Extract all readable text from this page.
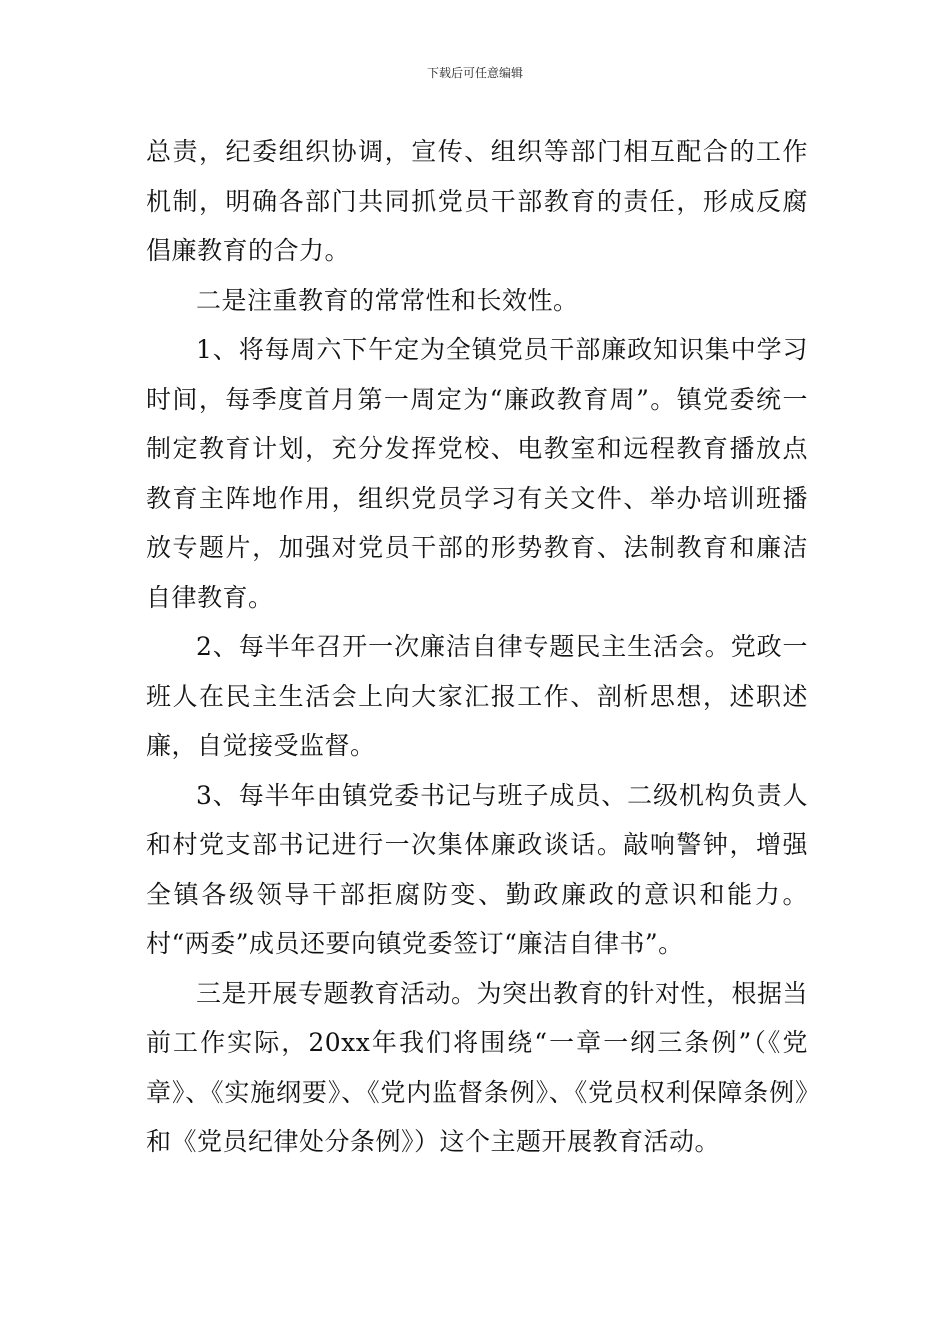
下载后可任意编辑

总责，纪委组织协调，宣传、组织等部门相互配合的工作机制，明确各部门共同抓党员干部教育的责任，形成反腐倡廉教育的合力。

二是注重教育的常常性和长效性。

1、将每周六下午定为全镇党员干部廉政知识集中学习时间，每季度首月第一周定为“廉政教育周”。镇党委统一制定教育计划，充分发挥党校、电教室和远程教育播放点教育主阵地作用，组织党员学习有关文件、举办培训班播放专题片，加强对党员干部的形势教育、法制教育和廉洁自律教育。

2、每半年召开一次廉洁自律专题民主生活会。党政一班人在民主生活会上向大家汇报工作、剖析思想，述职述廉，自觉接受监督。

3、每半年由镇党委书记与班子成员、二级机构负责人和村党支部书记进行一次集体廉政谈话。敲响警钟，增强全镇各级领导干部拒腐防变、勤政廉政的意识和能力。村“两委”成员还要向镇党委签订“廉洁自律书”。

三是开展专题教育活动。为突出教育的针对性，根据当前工作实际，20xx年我们将围绕“一章一纲三条例”（《党章》、《实施纲要》、《党内监督条例》、《党员权利保障条例》和《党员纪律处分条例》）这个主题开展教育活动。
